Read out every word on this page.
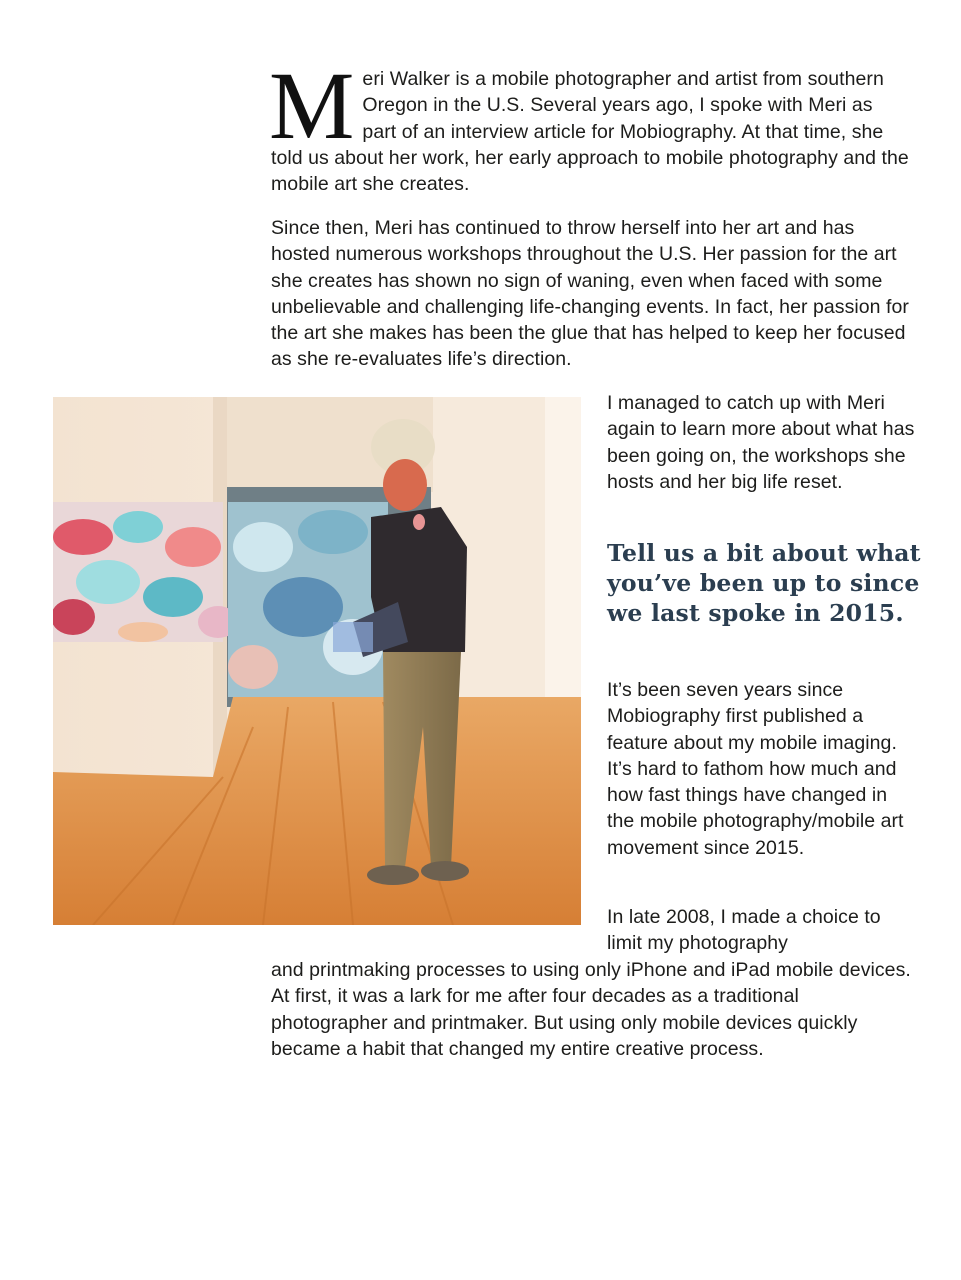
Meri Walker is a mobile photographer and artist from southern Oregon in the U.S. Several years ago, I spoke with Meri as part of an interview article for Mobiography. At that time, she told us about her work, her early approach to mobile photography and the mobile art she creates.

Since then, Meri has continued to throw herself into her art and has hosted numerous workshops throughout the U.S. Her passion for the art she creates has shown no sign of waning, even when faced with some unbelievable and challenging life-changing events. In fact, her passion for the art she makes has been the glue that has helped to keep her focused as she re-evaluates life’s direction.

I managed to catch up with Meri again to learn more about what has been going on, the workshops she hosts and her big life reset.

Tell us a bit about what you’ve been up to since we last spoke in 2015.

It’s been seven years since Mobiography first published a feature about my mobile imaging. It’s hard to fathom how much and how fast things have changed in the mobile photography/mobile art movement since 2015.

In late 2008, I made a choice to limit my photography

and printmaking processes to using only iPhone and iPad mobile devices. At first, it was a lark for me after four decades as a traditional photographer and printmaker. But using only mobile devices quickly became a habit that changed my entire creative process.
